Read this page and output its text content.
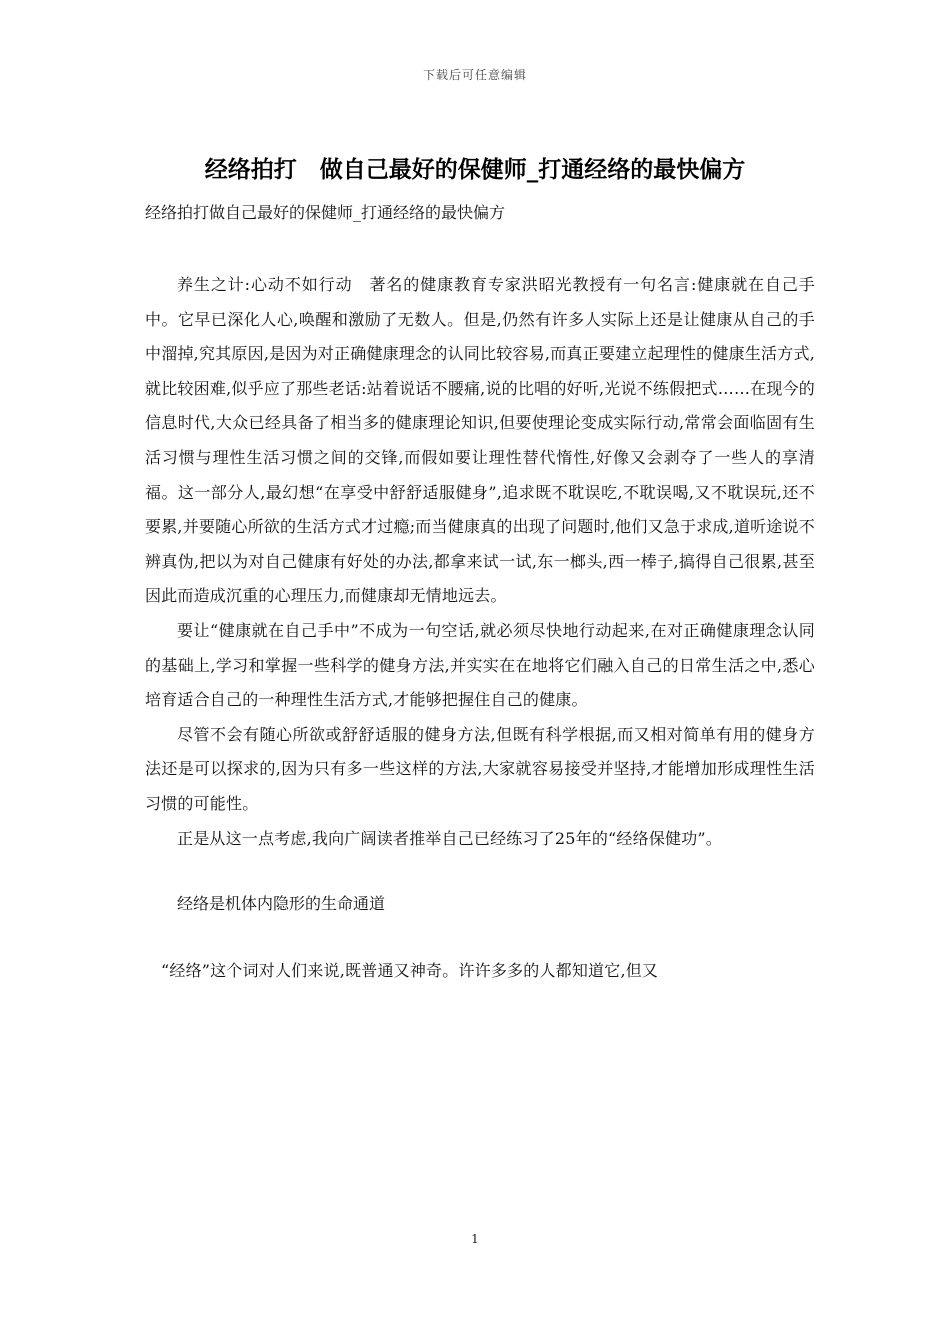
下载后可任意编辑
经络拍打　做自己最好的保健师_打通经络的最快偏方
经络拍打做自己最好的保健师_打通经络的最快偏方

养生之计:心动不如行动　著名的健康教育专家洪昭光教授有一句名言:健康就在自己手中。它早已深化人心,唤醒和激励了无数人。但是,仍然有许多人实际上还是让健康从自己的手中溜掉,究其原因,是因为对正确健康理念的认同比较容易,而真正要建立起理性的健康生活方式,就比较困难,似乎应了那些老话:站着说话不腰痛,说的比唱的好听,光说不练假把式……在现今的信息时代,大众已经具备了相当多的健康理论知识,但要使理论变成实际行动,常常会面临固有生活习惯与理性生活习惯之间的交锋,而假如要让理性替代惰性,好像又会剥夺了一些人的享清福。这一部分人,最幻想“在享受中舒舒适服健身”,追求既不耽误吃,不耽误喝,又不耽误玩,还不要累,并要随心所欲的生活方式才过瘾;而当健康真的出现了问题时,他们又急于求成,道听途说不辨真伪,把以为对自己健康有好处的办法,都拿来试一试,东一榔头,西一棒子,搞得自己很累,甚至因此而造成沉重的心理压力,而健康却无情地远去。

要让“健康就在自己手中”不成为一句空话,就必须尽快地行动起来,在对正确健康理念认同的基础上,学习和掌握一些科学的健身方法,并实实在在地将它们融入自己的日常生活之中,悉心培育适合自己的一种理性生活方式,才能够把握住自己的健康。

尽管不会有随心所欲或舒舒适服的健身方法,但既有科学根据,而又相对简单有用的健身方法还是可以探求的,因为只有多一些这样的方法,大家就容易接受并坚持,才能增加形成理性生活习惯的可能性。

正是从这一点考虑,我向广阔读者推举自己已经练习了25年的“经络保健功”。

经络是机体内隐形的生命通道

“经络”这个词对人们来说,既普通又神奇。许许多多的人都知道它,但又

1
